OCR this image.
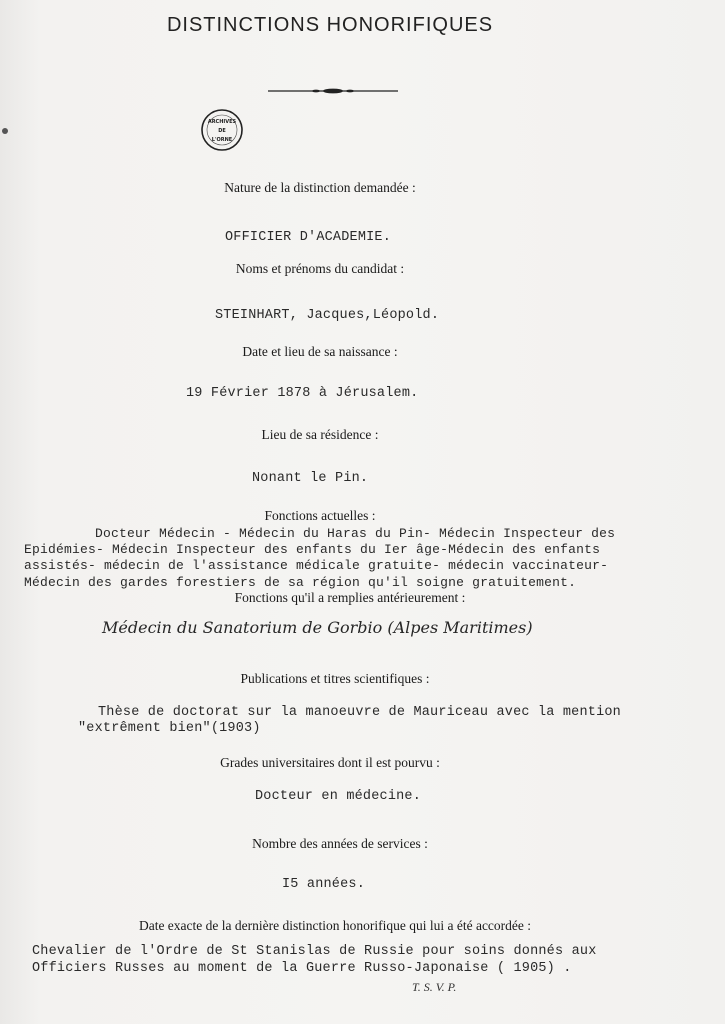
DISTINCTIONS HONORIFIQUES
ARCHIVES
DE
L'ORNE
Nature de la distinction demandée :
OFFICIER D'ACADEMIE.
Noms et prénoms du candidat :
STEINHART, Jacques,Léopold.
Date et lieu de sa naissance :
19 Février 1878 à Jérusalem.
Lieu de sa résidence :
Nonant le Pin.
Fonctions actuelles :
Docteur Médecin - Médecin du Haras du Pin- Médecin Inspecteur des
Epidémies- Médecin Inspecteur des enfants du Ier âge-Médecin des enfants
assistés- médecin de l'assistance médicale gratuite- médecin vaccinateur-
Médecin des gardes forestiers de sa région qu'il soigne gratuitement.
Fonctions qu'il a remplies antérieurement :
Médecin du Sanatorium de Gorbio (Alpes Maritimes)
Publications et titres scientifiques :
Thèse de doctorat sur la manoeuvre de Mauriceau avec la mention
"extrêment bien"(1903)
Grades universitaires dont il est pourvu :
Docteur en médecine.
Nombre des années de services :
I5 années.
Date exacte de la dernière distinction honorifique qui lui a été accordée :
Chevalier de l'Ordre de St Stanislas de Russie pour soins donnés aux
Officiers Russes au moment de la Guerre Russo-Japonaise ( 1905) .
T. S. V. P.
